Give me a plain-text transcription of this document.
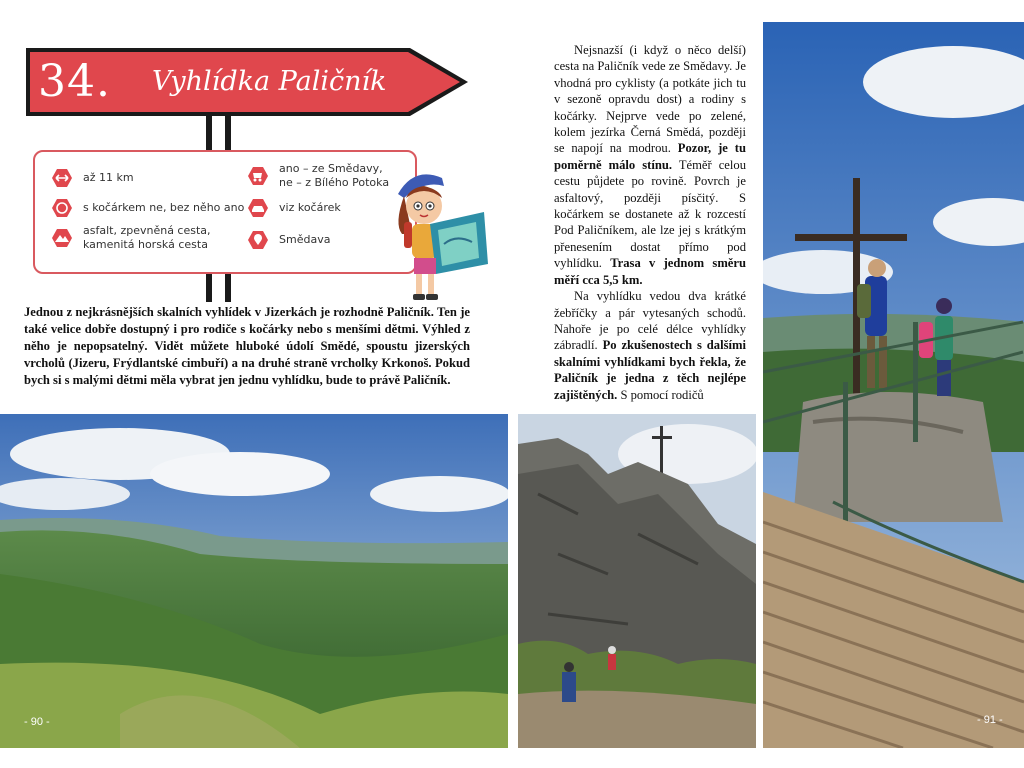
34. Vyhlídka Paličník
až 11 km
s kočárkem ne, bez něho ano
asfalt, zpevněná cesta,
kamenitá horská cesta
ano – ze Smědavy,
ne – z Bílého Potoka
viz kočárek
Smědava
Jednou z nejkrásnějších skalních vyhlídek v Jizerkách je rozhodně Paličník. Ten je také velice dobře dostupný i pro rodiče s kočárky nebo s menšími dětmi. Výhled z něho je nepopsatelný. Vidět můžete hluboké údolí Smědé, spoustu jizerských vrcholů (Jizeru, Frýdlantské cimbuří) a na druhé straně vrcholky Krkonoš. Pokud bych si s malými dětmi měla vybrat jen jednu vyhlídku, bude to právě Paličník.

Nejsnazší (i když o něco delší) cesta na Paličník vede ze Smědavy. Je vhodná pro cyklisty (a potkáte jich tu v sezoně opravdu dost) a rodiny s kočárky. Nejprve vede po zelené, kolem jezírka Černá Smědá, později se napojí na modrou. Pozor, je tu poměrně málo stínu. Téměř celou cestu půjdete po rovině. Povrch je asfaltový, později písčitý. S kočárkem se dostanete až k rozcestí Pod Paličníkem, ale lze jej s krátkým přenesením dostat přímo pod vyhlídku. Trasa v jednom směru měří cca 5,5 km.

Na vyhlídku vedou dva krátké žebříčky a pár vytesaných schodů. Nahoře je po celé délce vyhlídky zábradlí. Po zkušenostech s dalšími skalními vyhlídkami bych řekla, že Paličník je jedna z těch nejlépe zajištěných. S pomocí rodičů

- 90 -	- 91 -
